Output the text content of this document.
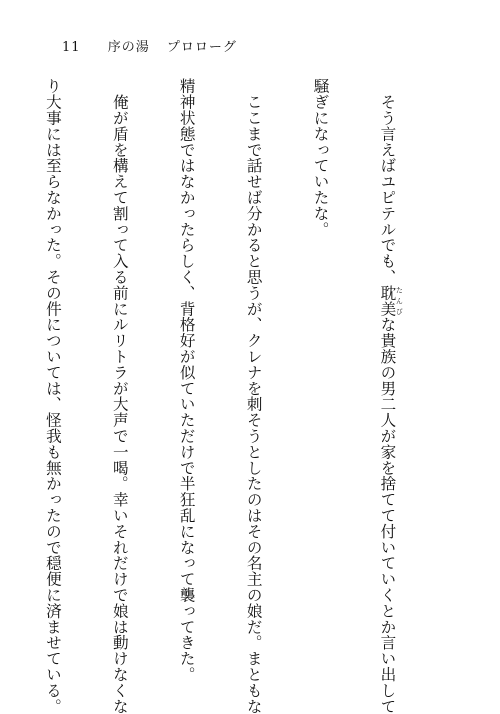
11 序の湯 プロローグ

　そう言えばユピテルでも、耽美 たんびな貴族の男二人が家を捨てて付いていくとか言い出して

騒ぎになっていたな。

　ここまで話せば分かると思うが、クレナを刺そうとしたのはその名主の娘だ。まともな

精神状態ではなかったらしく、背格好が似ていただけで半狂乱になって襲ってきた。

　俺が盾を構えて割って入る前にルリトラが大声で一喝。幸いそれだけで娘は動けなくな

り大事には至らなかった。その件については、怪我も無かったので穏便に済ませている。
